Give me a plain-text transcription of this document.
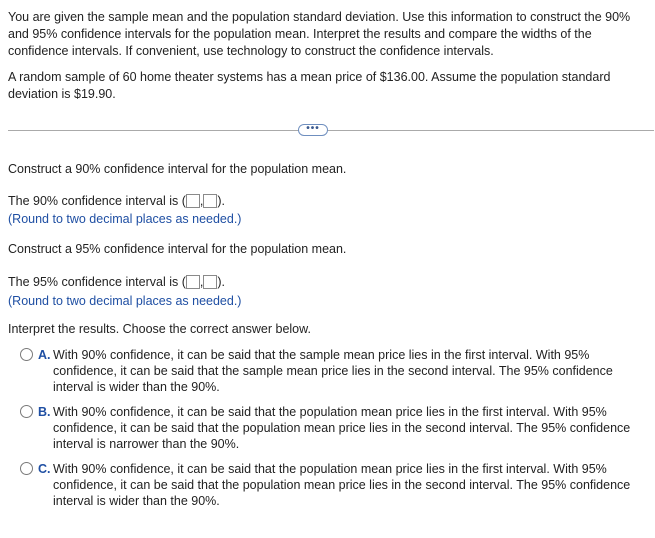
You are given the sample mean and the population standard deviation. Use this information to construct the 90% and 95% confidence intervals for the population mean. Interpret the results and compare the widths of the confidence intervals. If convenient, use technology to construct the confidence intervals.

A random sample of 60 home theater systems has a mean price of $136.00. Assume the population standard deviation is $19.90.

•••
Construct a 90% confidence interval for the population mean.
The 90% confidence interval is ( , ).
(Round to two decimal places as needed.)
Construct a 95% confidence interval for the population mean.
The 95% confidence interval is ( , ).
(Round to two decimal places as needed.)
Interpret the results. Choose the correct answer below.
A. With 90% confidence, it can be said that the sample mean price lies in the first interval. With 95% confidence, it can be said that the sample mean price lies in the second interval. The 95% confidence interval is wider than the 90%.
B. With 90% confidence, it can be said that the population mean price lies in the first interval. With 95% confidence, it can be said that the population mean price lies in the second interval. The 95% confidence interval is narrower than the 90%.
C. With 90% confidence, it can be said that the population mean price lies in the first interval. With 95% confidence, it can be said that the population mean price lies in the second interval. The 95% confidence interval is wider than the 90%.
